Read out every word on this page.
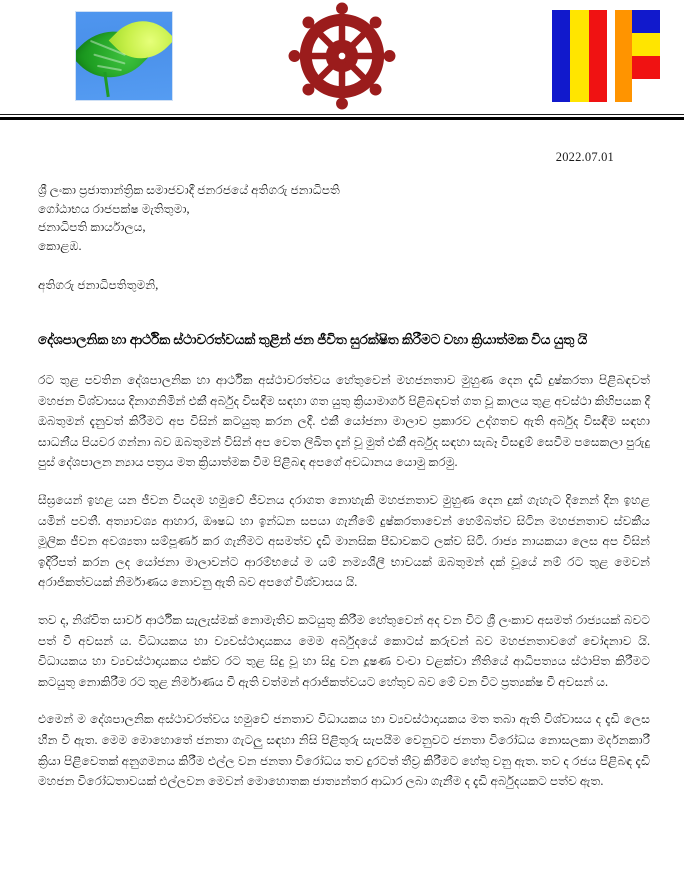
2022.07.01
ශ්‍රී ලංකා ප්‍රජාතාන්ත්‍රික සමාජවාදී ජනරජයේ අතිගරු ජනාධිපති
ගෝඨාභය රාජපක්ෂ මැතිතුමා,
ජනාධිපති කාර්යාලය,
කොළඹ.
අතිගරු ජනාධිපතිතුමනි,
දේශපාලනික හා ආර්ථික ස්ථාවරත්වයක් තුළින් ජන ජීවිත සුරක්ෂිත කිරීමට වහා ක්‍රියාත්මක විය යුතු යි

රට තුළ පවතින දේශපාලනික හා ආර්ථික අස්ථාවරත්වය හේතුවෙන් මහජනතාව මුහුණ දෙන දැඩි දුෂ්කරතා පිළිබඳවත් මහජන විශ්වාසය දිනාගනිමින් එකී අර්බුද විසඳීම සඳහා ගත යුතු ක්‍රියාමාර්ග පිළිබඳවත් ගත වූ කාලය තුළ අවස්ථා කිහිපයක දී ඔබතුමන් දැනුවත් කිරීමට අප විසින් කටයුතු කරන ලදී. එකී යෝජනා මාලාව ප්‍රකාරව උද්ගතව ඇති අර්බුද විසඳීම සඳහා සාධනීය පියවර ගන්නා බව ඔබතුමන් විසින් අප වෙත ලිඛිත දැන් වූ මුත් එකී අර්බුද සඳහා සැබෑ විසඳුම් සෙවීම පසෙකලා පුරුදු පුස් දේශපාලන න්‍යාය පත්‍රය මත ක්‍රියාත්මක වීම පිළිබඳ අපගේ අවධානය යොමු කරමු.

සීඝ්‍රයෙන් ඉහළ යන ජීවන වියදම හමුවේ ජීවනය දරාගත නොහැකි මහජනතාව මුහුණ දෙන දුක් ගැහැට දිනෙන් දින ඉහළ යමින් පවතී. අත්‍යාවශ්‍ය ආහාර, ඖෂධ හා ඉන්ධන සපයා ගැනීමේ දුෂ්කරතාවෙන් හෙම්බත්ව සිටින මහජනතාව ස්වකීය මූලික ජීවන අවශ්‍යතා සම්පූර්ණ කර ගැනීමට අසමත්ව දැඩි මානසික පීඩාවකට ලක්ව සිටී. රාජ්‍ය නායකයා ලෙස අප විසින් ඉදිරිපත් කරන ලද යෝජනා මාලාවන්ට ආරම්භයේ ම යම් නම්‍යශීලී භාවයක් ඔබතුමන් දක් වූයේ නම් රට තුළ මෙවන් අරාජිකත්වයක් නිර්මාණය නොවනු ඇති බව අපගේ විශ්වාසය යි.

තව ද, නිශ්චිත සාර්ව ආර්ථික සැලැස්මක් නොමැතිව කටයුතු කිරීම හේතුවෙන් අද වන විට ශ්‍රී ලංකාව අසමත් රාජ්‍යයක් බවට පත් වී අවසන් ය. විධායකය හා ව්‍යවස්ථාදායකය මෙම අර්බුදයේ කොටස් කරුවන් බව මහජනතාවගේ චෝදනාව යි. විධායකය හා ව්‍යවස්ථාදායකය එක්ව රට තුළ සිදු වූ හා සිදු වන දූෂණ වංචා වළක්වා නීතියේ ආධිපත්‍යය ස්ථාපිත කිරීමට කටයුතු නොකිරීම රට තුළ නිර්මාණය වී ඇති වත්මන් අරාජිකත්වයට හේතුව බව මේ වන විට ප්‍රත්‍යක්ෂ වී අවසන් ය.

එමෙන් ම දේශපාලනික අස්ථාවරත්වය හමුවේ ජනතාව විධායකය හා ව්‍යවස්ථාදායකය මත තබා ඇති විශ්වාසය ද දැඩි ලෙස හීන වී ඇත. මෙම මොහොතේ ජනතා ගැටලු සඳහා නිසි පිළිතුරු සැපයීම වෙනුවට ජනතා විරෝධය නොසලකා මර්දනකාරී ක්‍රියා පිළිවෙතක් අනුගමනය කිරීම එල්ල වන ජනතා විරෝධය තව දුරටත් තීව්‍ර කිරීමට හේතු වනු ඇත. තව ද රජය පිළිබඳ දැඩි මහජන විරෝධතාවයක් එල්ලවන මෙවන් මොහොතක ජාත්‍යන්තර ආධාර ලබා ගැනීම ද දැඩි අර්බුදයකට පත්ව ඇත.
